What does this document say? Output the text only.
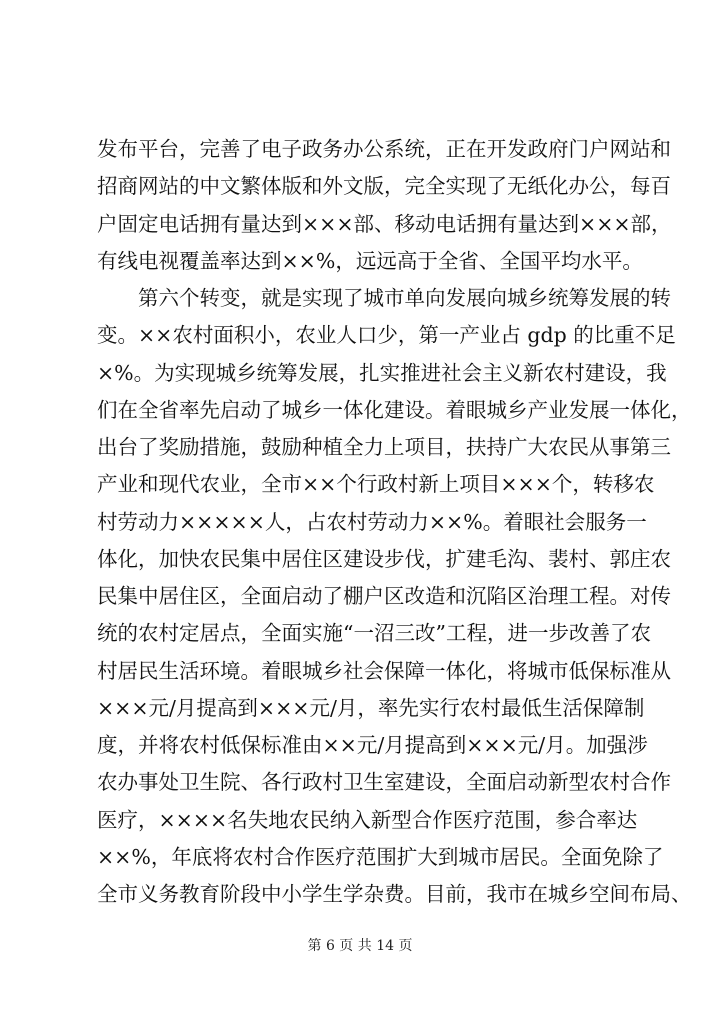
发布平台，完善了电子政务办公系统，正在开发政府门户网站和
招商网站的中文繁体版和外文版，完全实现了无纸化办公，每百
户固定电话拥有量达到×××部、移动电话拥有量达到×××部，
有线电视覆盖率达到××%，远远高于全省、全国平均水平。
　　第六个转变，就是实现了城市单向发展向城乡统筹发展的转
变。××农村面积小，农业人口少，第一产业占 gdp 的比重不足
×%。为实现城乡统筹发展，扎实推进社会主义新农村建设，我
们在全省率先启动了城乡一体化建设。着眼城乡产业发展一体化，
出台了奖励措施，鼓励种植全力上项目，扶持广大农民从事第三
产业和现代农业，全市××个行政村新上项目×××个，转移农
村劳动力×××××人，占农村劳动力××%。着眼社会服务一
体化，加快农民集中居住区建设步伐，扩建毛沟、裴村、郭庄农
民集中居住区，全面启动了棚户区改造和沉陷区治理工程。对传
统的农村定居点，全面实施“一沼三改”工程，进一步改善了农
村居民生活环境。着眼城乡社会保障一体化，将城市低保标准从
×××元/月提高到×××元/月，率先实行农村最低生活保障制
度，并将农村低保标准由××元/月提高到×××元/月。加强涉
农办事处卫生院、各行政村卫生室建设，全面启动新型农村合作
医疗，××××名失地农民纳入新型合作医疗范围，参合率达
××%，年底将农村合作医疗范围扩大到城市居民。全面免除了
全市义务教育阶段中小学生学杂费。目前，我市在城乡空间布局、
第 6 页 共 14 页
